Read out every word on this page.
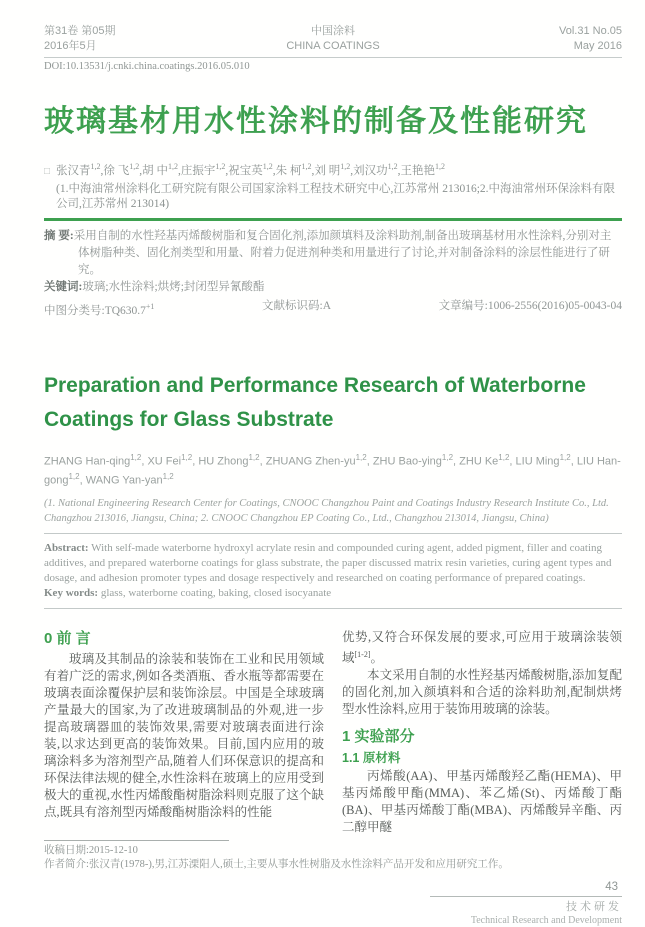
第31卷 第05期
2016年5月
中国涂料
CHINA COATINGS
Vol.31 No.05
May 2016
DOI:10.13531/j.cnki.china.coatings.2016.05.010
玻璃基材用水性涂料的制备及性能研究
□ 张汉青$^{1,2}$,徐 飞$^{1,2}$,胡 中$^{1,2}$,庄振宇$^{1,2}$,祝宝英$^{1,2}$,朱 柯$^{1,2}$,刘 明$^{1,2}$,刘汉功$^{1,2}$,王艳艳$^{1,2}$
(1.中海油常州涂料化工研究院有限公司国家涂料工程技术研究中心,江苏常州 213016;2.中海油常州环保涂料有限公司,江苏常州 213014)

摘 要:采用自制的水性羟基丙烯酸树脂和复合固化剂,添加颜填料及涂料助剂,制备出玻璃基材用水性涂料,分别对主体树脂种类、固化剂类型和用量、附着力促进剂种类和用量进行了讨论,并对制备涂料的涂层性能进行了研究。

关键词:玻璃;水性涂料;烘烤;封闭型异氰酸酯

中图分类号$:TQ630.7^{+1}$	文献标识码:A	文章编号:1006-2556(2016)05-0043-04
Preparation and Performance Research of Waterborne Coatings for Glass Substrate
ZHANG Han-qing$^{1,2}$, XU Fei$^{1,2}$, HU Zhong$^{1,2}$, ZHUANG Zhen-yu$^{1,2}$, ZHU Bao-ying$^{1,2}$, ZHU Ke$^{1,2}$, LIU Ming$^{1,2}$, LIU Han-gong$^{1,2}$, WANG Yan-yan$^{1,2}$
(1. National Engineering Research Center for Coatings, CNOOC Changzhou Paint and Coatings Industry Research Institute Co., Ltd. Changzhou 213016, Jiangsu, China; 2. CNOOC Changzhou EP Coating Co., Ltd., Changzhou 213014, Jiangsu, China)

Abstract: With self-made waterborne hydroxyl acrylate resin and compounded curing agent, added pigment, filler and coating additives, and prepared waterborne coatings for glass substrate, the paper discussed matrix resin varieties, curing agent types and dosage, and adhesion promoter types and dosage respectively and researched on coating performance of prepared coatings.

Key words: glass, waterborne coating, baking, closed isocyanate

0 前 言

玻璃及其制品的涂装和装饰在工业和民用领域有着广泛的需求,例如各类酒瓶、香水瓶等都需要在玻璃表面涂覆保护层和装饰涂层。中国是全球玻璃产量最大的国家,为了改进玻璃制品的外观,进一步提高玻璃器皿的装饰效果,需要对玻璃表面进行涂装,以求达到更高的装饰效果。目前,国内应用的玻璃涂料多为溶剂型产品,随着人们环保意识的提高和环保法律法规的健全,水性涂料在玻璃上的应用受到极大的重视,水性丙烯酸酯树脂涂料则克服了这个缺点,既具有溶剂型丙烯酸酯树脂涂料的性能

优势,又符合环保发展的要求,可应用于玻璃涂装领域[1-2]。

本文采用自制的水性羟基丙烯酸树脂,添加复配的固化剂,加入颜填料和合适的涂料助剂,配制烘烤型水性涂料,应用于装饰用玻璃的涂装。

1 实验部分
1.1 原材料

丙烯酸(AA)、甲基丙烯酸羟乙酯(HEMA)、甲基丙烯酸甲酯(MMA)、苯乙烯(St)、丙烯酸丁酯(BA)、甲基丙烯酸丁酯(MBA)、丙烯酸异辛酯、丙二醇甲醚

收稿日期:2015-12-10

作者简介:张汉青(1978-),男,江苏溧阳人,硕士,主要从事水性树脂及水性涂料产品开发和应用研究工作。

43
技术研发
Technical Research and Development
